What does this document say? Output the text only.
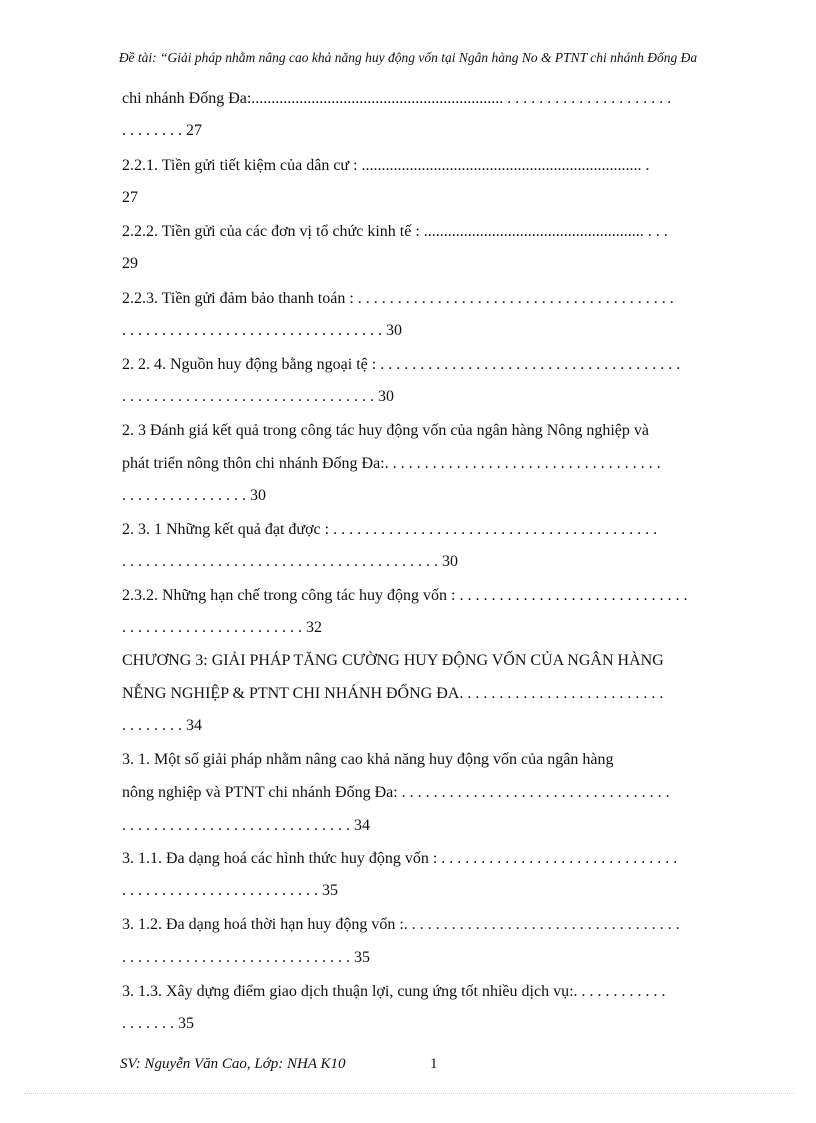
Đề tài: “Giải pháp nhằm nâng cao khả năng huy động vốn tại Ngân hàng No & PTNT chi nhánh Đống Đa
chi nhánh Đống Đa:............................................................... . . . . . . . . . . . . . . . . . . . . .
. . . . . . . . 27
2.2.1. Tiền gửi tiết kiệm của dân cư : ...................................................................... .
27
2.2.2. Tiền gửi của các đơn vị tổ chức kinh tế : ....................................................... . . .
29
2.2.3. Tiền gửi đảm bảo thanh toán : . . . . . . . . . . . . . . . . . . . . . . . . . . . . . . . . . . . . . . . .
. . . . . . . . . . . . . . . . . . . . . . . . . . . . . . . . . 30
2. 2. 4. Nguồn huy động bằng ngoại tệ : . . . . . . . . . . . . . . . . . . . . . . . . . . . . . . . . . . . . . .
. . . . . . . . . . . . . . . . . . . . . . . . . . . . . . . . 30
2. 3 Đánh giá kết quả trong công tác huy động vốn của ngân hàng Nông nghiệp và
phát triển nông thôn chi nhánh Đống Đa:. . . . . . . . . . . . . . . . . . . . . . . . . . . . . . . . . . .
. . . . . . . . . . . . . . . . 30
2. 3. 1 Những kết quả đạt được : . . . . . . . . . . . . . . . . . . . . . . . . . . . . . . . . . . . . . . . . .
. . . . . . . . . . . . . . . . . . . . . . . . . . . . . . . . . . . . . . . . 30
2.3.2. Những hạn chế trong công tác huy động vốn : . . . . . . . . . . . . . . . . . . . . . . . . . . . . .
. . . . . . . . . . . . . . . . . . . . . . . 32
CHƯƠNG 3: GIẢI PHÁP TĂNG CƯỜNG HUY ĐỘNG VỐN CỦA NGÂN HÀNG
NỄNG NGHIỆP & PTNT CHI NHÁNH ĐỐNG ĐA. . . . . . . . . . . . . . . . . . . . . . . . . .
. . . . . . . . 34
3. 1. Một số giải pháp nhằm nâng cao khả năng huy động vốn của ngân hàng
nông nghiệp và PTNT chi nhánh Đống Đa: . . . . . . . . . . . . . . . . . . . . . . . . . . . . . . . . . .
. . . . . . . . . . . . . . . . . . . . . . . . . . . . . 34
3. 1.1. Đa dạng hoá các hình thức huy động vốn : . . . . . . . . . . . . . . . . . . . . . . . . . . . . . .
. . . . . . . . . . . . . . . . . . . . . . . . . 35
3. 1.2. Đa dạng hoá thời hạn huy động vốn :. . . . . . . . . . . . . . . . . . . . . . . . . . . . . . . . . . .
. . . . . . . . . . . . . . . . . . . . . . . . . . . . . 35
3. 1.3. Xây dựng điểm giao dịch thuận lợi, cung ứng tốt nhiều dịch vụ:. . . . . . . . . . . .
. . . . . . . 35
SV: Nguyễn Văn Cao, Lớp: NHA K10	1
